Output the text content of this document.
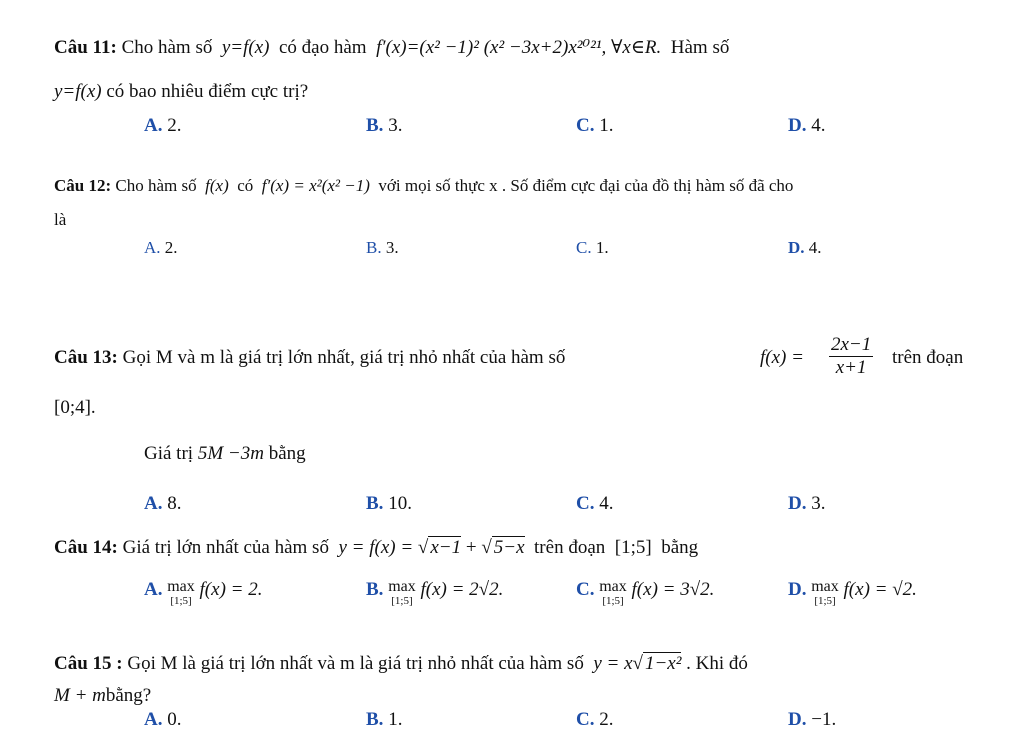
Câu 11: Cho hàm số y=f(x) có đạo hàm f′(x)=(x² −1)² (x² −3x+2)x²⁰²¹, ∀x∈R. Hàm số
y=f(x) có bao nhiêu điểm cực trị?
A. 2.	B. 3.	C. 1.	D. 4.
Câu 12: Cho hàm số f(x) có f′(x) = x²(x² −1) với mọi số thực x . Số điểm cực đại của đồ thị hàm số đã cho
là
A. 2.	B. 3.	C. 1.	D. 4.
Câu 13: Gọi M và m là giá trị lớn nhất, giá trị nhỏ nhất của hàm số	$f(x) = \frac{2x-1}{x+1}$ trên đoạn
[0;4].
Giá trị 5M −3m bằng
A. 8.	B. 10.	C. 4.	D. 3.
Câu 14: Giá trị lớn nhất của hàm số y = f(x) = √ x−1 + √ 5−x trên đoạn [1;5] bằng
A. max
[1;5]
f(x) = 2.	B. max
[1;5]
f(x) = 2√2.	C. max
[1;5]
f(x) = 3√2.	D. max
[1;5]
f(x) = √2.
Câu 15 : Gọi M là giá trị lớn nhất và m là giá trị nhỏ nhất của hàm số y = x√ 1−x² . Khi đó
M + mbằng?
A. 0.	B. 1.	C. 2.	D. −1.
